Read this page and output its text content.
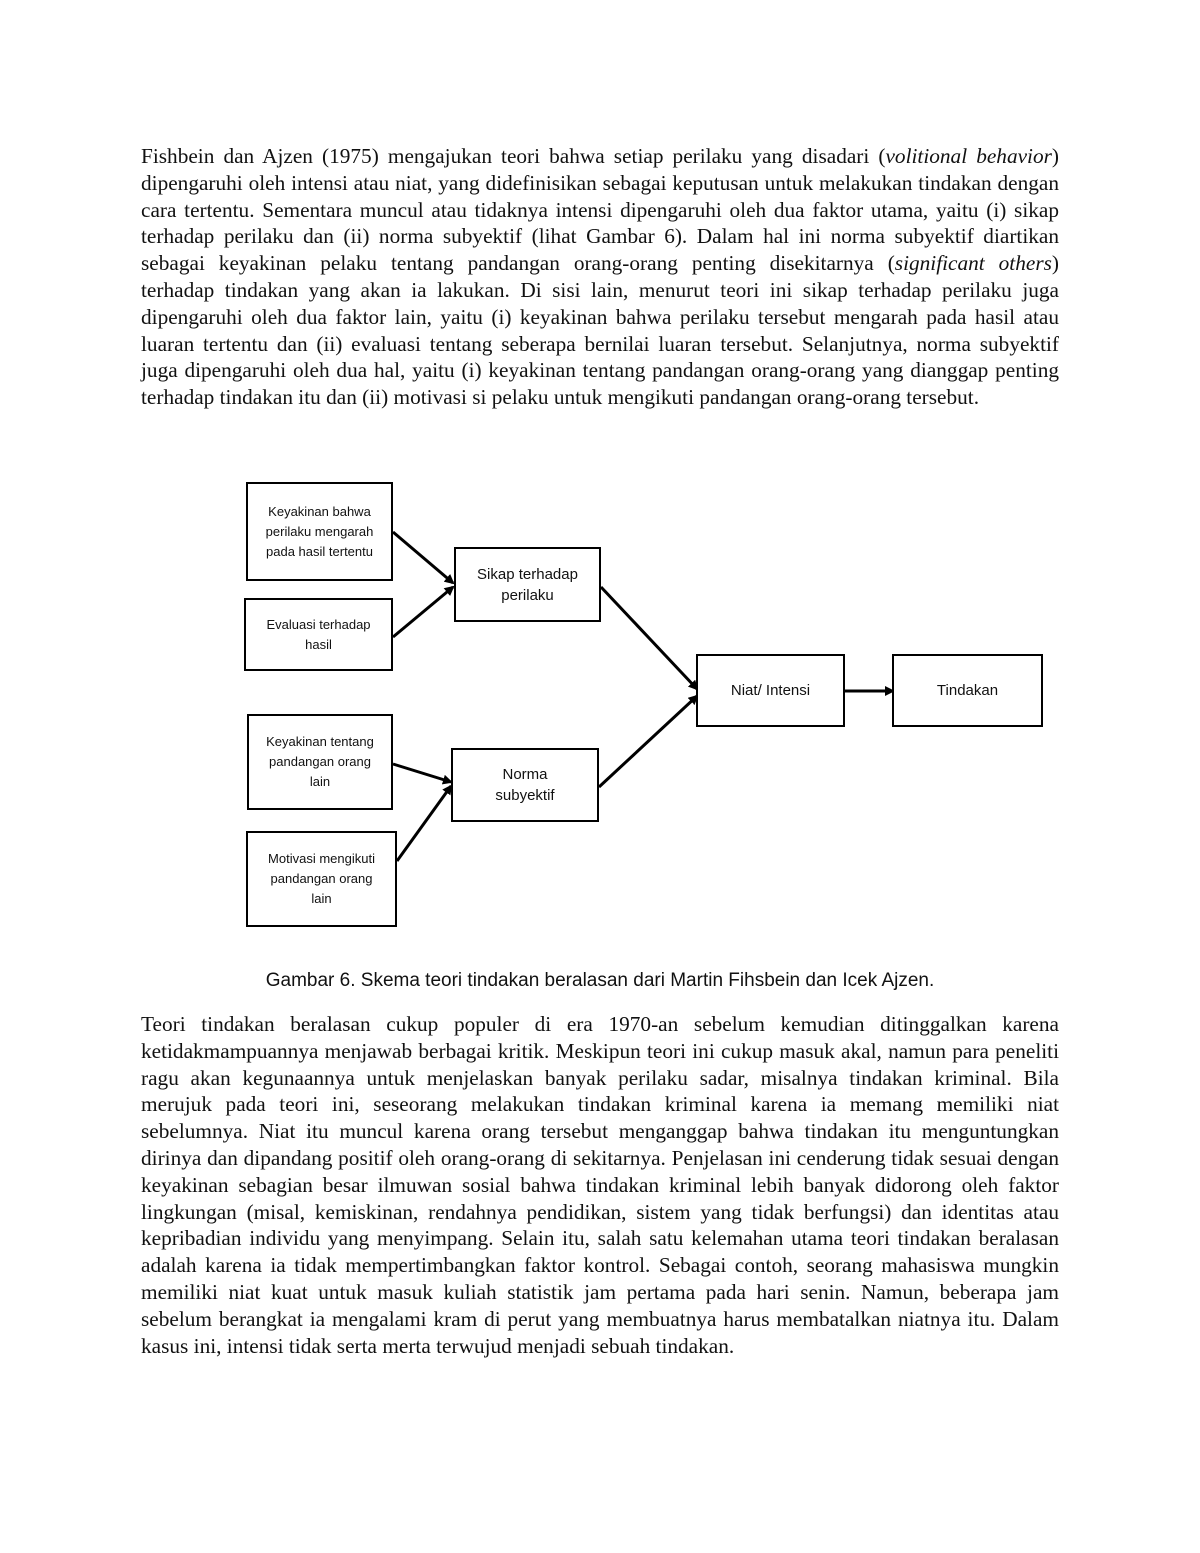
Fishbein dan Ajzen (1975) mengajukan teori bahwa setiap perilaku yang disadari (volitional behavior) dipengaruhi oleh intensi atau niat, yang didefinisikan sebagai keputusan untuk melakukan tindakan dengan cara tertentu. Sementara muncul atau tidaknya intensi dipengaruhi oleh dua faktor utama, yaitu (i) sikap terhadap perilaku dan (ii) norma subyektif (lihat Gambar 6). Dalam hal ini norma subyektif diartikan sebagai keyakinan pelaku tentang pandangan orang-orang penting disekitarnya (significant others) terhadap tindakan yang akan ia lakukan. Di sisi lain, menurut teori ini sikap terhadap perilaku juga dipengaruhi oleh dua faktor lain, yaitu (i) keyakinan bahwa perilaku tersebut mengarah pada hasil atau luaran tertentu dan (ii) evaluasi tentang seberapa bernilai luaran tersebut. Selanjutnya, norma subyektif juga dipengaruhi oleh dua hal, yaitu (i) keyakinan tentang pandangan orang-orang yang dianggap penting terhadap tindakan itu dan (ii) motivasi si pelaku untuk mengikuti pandangan orang-orang tersebut.

Keyakinan bahwa perilaku mengarah pada hasil tertentu
Evaluasi terhadap hasil
Keyakinan tentang pandangan orang lain
Motivasi mengikuti pandangan orang lain
Sikap terhadap perilaku
Norma subyektif
Niat/ Intensi	Tindakan

Gambar 6. Skema teori tindakan beralasan dari Martin Fihsbein dan Icek Ajzen.

Teori tindakan beralasan cukup populer di era 1970-an sebelum kemudian ditinggalkan karena ketidakmampuannya menjawab berbagai kritik. Meskipun teori ini cukup masuk akal, namun para peneliti ragu akan kegunaannya untuk menjelaskan banyak perilaku sadar, misalnya tindakan kriminal. Bila merujuk pada teori ini, seseorang melakukan tindakan kriminal karena ia memang memiliki niat sebelumnya. Niat itu muncul karena orang tersebut menganggap bahwa tindakan itu menguntungkan dirinya dan dipandang positif oleh orang-orang di sekitarnya. Penjelasan ini cenderung tidak sesuai dengan keyakinan sebagian besar ilmuwan sosial bahwa tindakan kriminal lebih banyak didorong oleh faktor lingkungan (misal, kemiskinan, rendahnya pendidikan, sistem yang tidak berfungsi) dan identitas atau kepribadian individu yang menyimpang. Selain itu, salah satu kelemahan utama teori tindakan beralasan adalah karena ia tidak mempertimbangkan faktor kontrol. Sebagai contoh, seorang mahasiswa mungkin memiliki niat kuat untuk masuk kuliah statistik jam pertama pada hari senin. Namun, beberapa jam sebelum berangkat ia mengalami kram di perut yang membuatnya harus membatalkan niatnya itu. Dalam kasus ini, intensi tidak serta merta terwujud menjadi sebuah tindakan.
